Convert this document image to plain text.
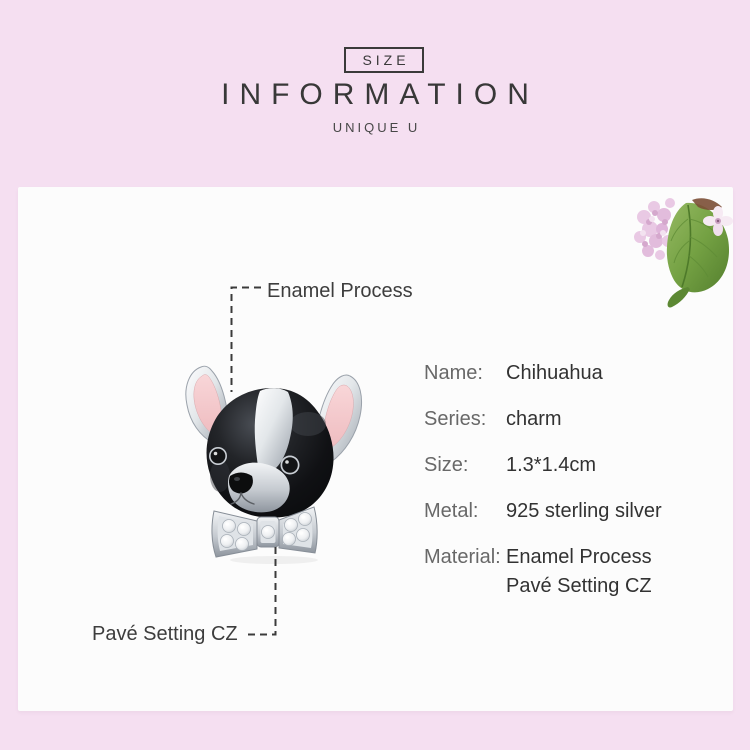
SIZE
INFORMATION
UNIQUE U
Enamel Process
Pavé Setting CZ
Name:	Chihuahua
Series: charm
Size:	1.3*1.4cm
Metal:	925 sterling silver
Material: Enamel Process
Pavé Setting CZ
